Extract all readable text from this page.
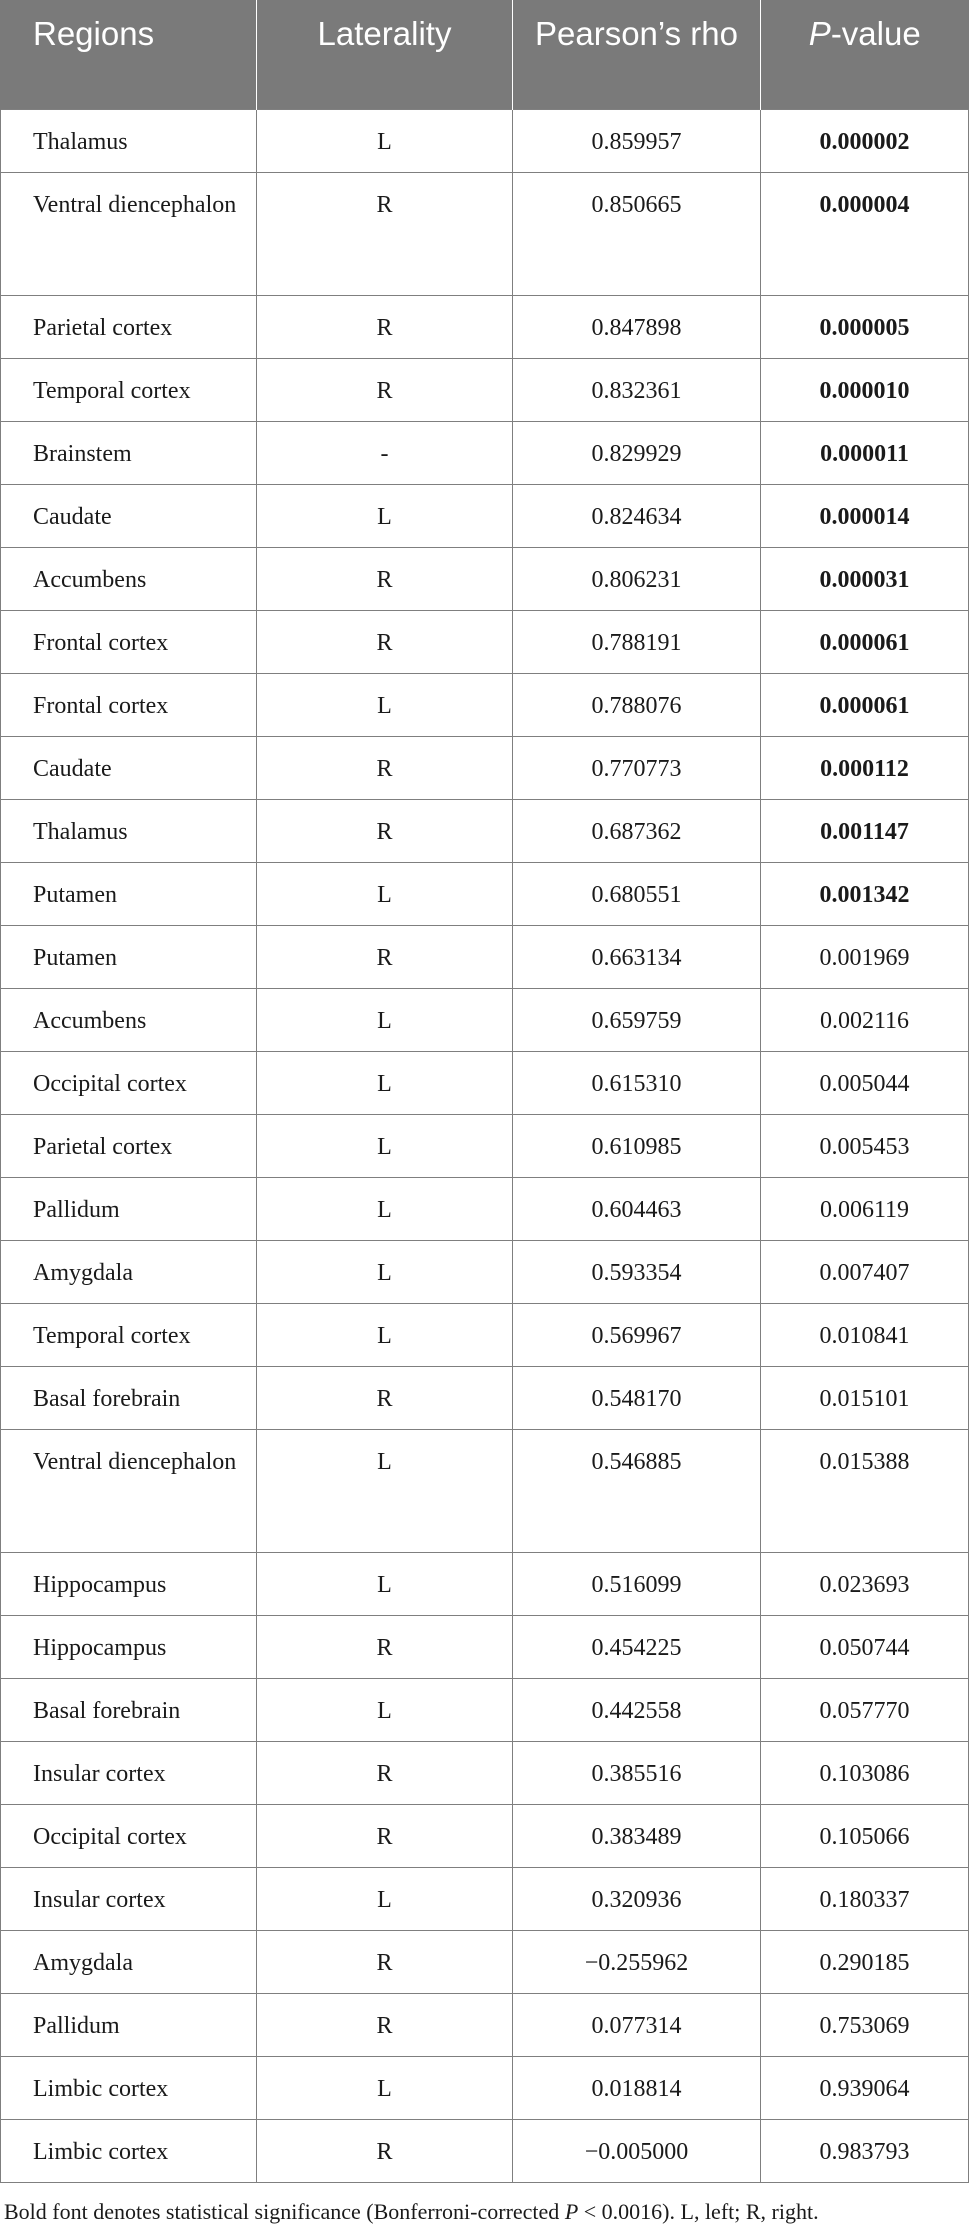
Regions	Laterality	Pearson’s rho	P-value
Thalamus	L	0.859957	0.000002
Ventral diencephalon	R	0.850665	0.000004
Parietal cortex	R	0.847898	0.000005
Temporal cortex	R	0.832361	0.000010
Brainstem	-	0.829929	0.000011
Caudate	L	0.824634	0.000014
Accumbens	R	0.806231	0.000031
Frontal cortex	R	0.788191	0.000061
Frontal cortex	L	0.788076	0.000061
Caudate	R	0.770773	0.000112
Thalamus	R	0.687362	0.001147
Putamen	L	0.680551	0.001342
Putamen	R	0.663134	0.001969
Accumbens	L	0.659759	0.002116
Occipital cortex	L	0.615310	0.005044
Parietal cortex	L	0.610985	0.005453
Pallidum	L	0.604463	0.006119
Amygdala	L	0.593354	0.007407
Temporal cortex	L	0.569967	0.010841
Basal forebrain	R	0.548170	0.015101
Ventral diencephalon	L	0.546885	0.015388
Hippocampus	L	0.516099	0.023693
Hippocampus	R	0.454225	0.050744
Basal forebrain	L	0.442558	0.057770
Insular cortex	R	0.385516	0.103086
Occipital cortex	R	0.383489	0.105066
Insular cortex	L	0.320936	0.180337
Amygdala	R	−0.255962	0.290185
Pallidum	R	0.077314	0.753069
Limbic cortex	L	0.018814	0.939064
Limbic cortex	R	−0.005000	0.983793
Bold font denotes statistical significance (Bonferroni-corrected P < 0.0016). L, left; R, right.
